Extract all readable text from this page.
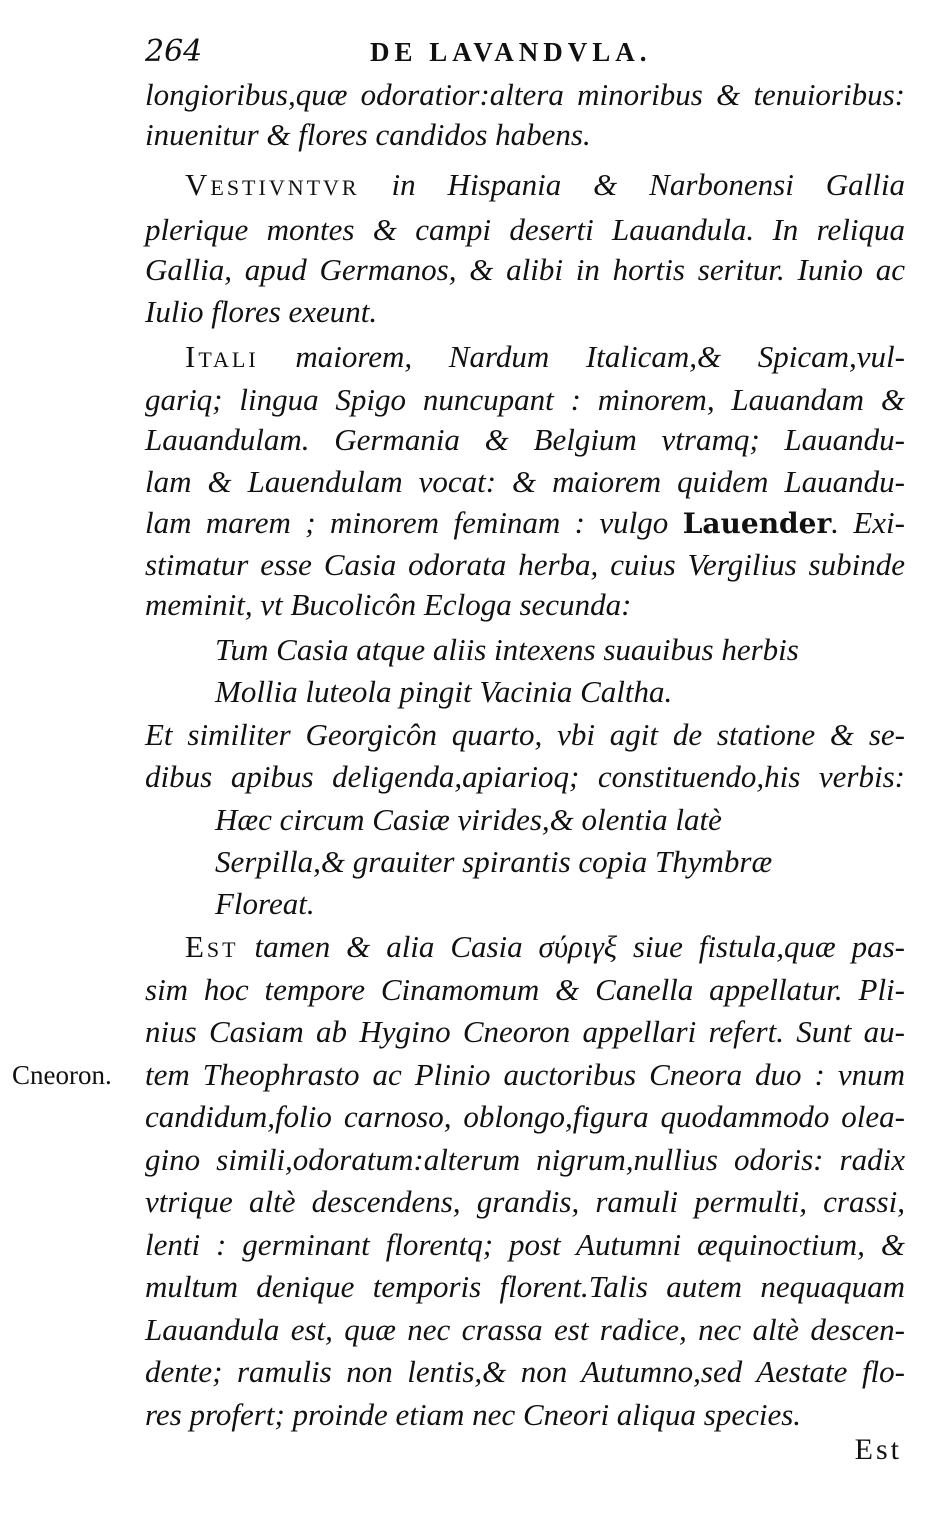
264	DE LAVANDVLA.
longioribus,quæ odoratior:altera minoribus & tenuioribus:
inuenitur & flores candidos habens.
Vestivntvr in Hispania & Narbonensi Gallia
plerique montes & campi deserti Lauandula. In reliqua
Gallia, apud Germanos, & alibi in hortis seritur. Iunio ac
Iulio flores exeunt.
Itali maiorem, Nardum Italicam,& Spicam,vul-
gariq; lingua Spigo nuncupant : minorem, Lauandam &
Lauandulam. Germania & Belgium vtramq; Lauandu-
lam & Lauendulam vocat: & maiorem quidem Lauandu-
lam marem ; minorem feminam : vulgo Lauender. Exi-
stimatur esse Casia odorata herba, cuius Vergilius subinde
meminit, vt Bucolicôn Ecloga secunda:
Tum Casia atque aliis intexens suauibus herbis
Mollia luteola pingit Vacinia Caltha.
Et similiter Georgicôn quarto, vbi agit de statione & se-
dibus apibus deligenda,apiarioq; constituendo,his verbis:
Hæc circum Casiæ virides,& olentia latè
Serpilla,& grauiter spirantis copia Thymbræ
Floreat.
Est tamen & alia Casia σύριγξ siue fistula,quæ pas-
sim hoc tempore Cinamomum & Canella appellatur. Pli-
nius Casiam ab Hygino Cneoron appellari refert. Sunt au-
tem Theophrasto ac Plinio auctoribus Cneora duo : vnum
candidum,folio carnoso, oblongo,figura quodammodo olea-
gino simili,odoratum:alterum nigrum,nullius odoris: radix
vtrique altè descendens, grandis, ramuli permulti, crassi,
lenti : germinant florentq; post Autumni æquinoctium, &
multum denique temporis florent.Talis autem nequaquam
Lauandula est, quæ nec crassa est radice, nec altè descen-
dente; ramulis non lentis,& non Autumno,sed Aestate flo-
res profert; proinde etiam nec Cneori aliqua species.
Cneoron.
Est
